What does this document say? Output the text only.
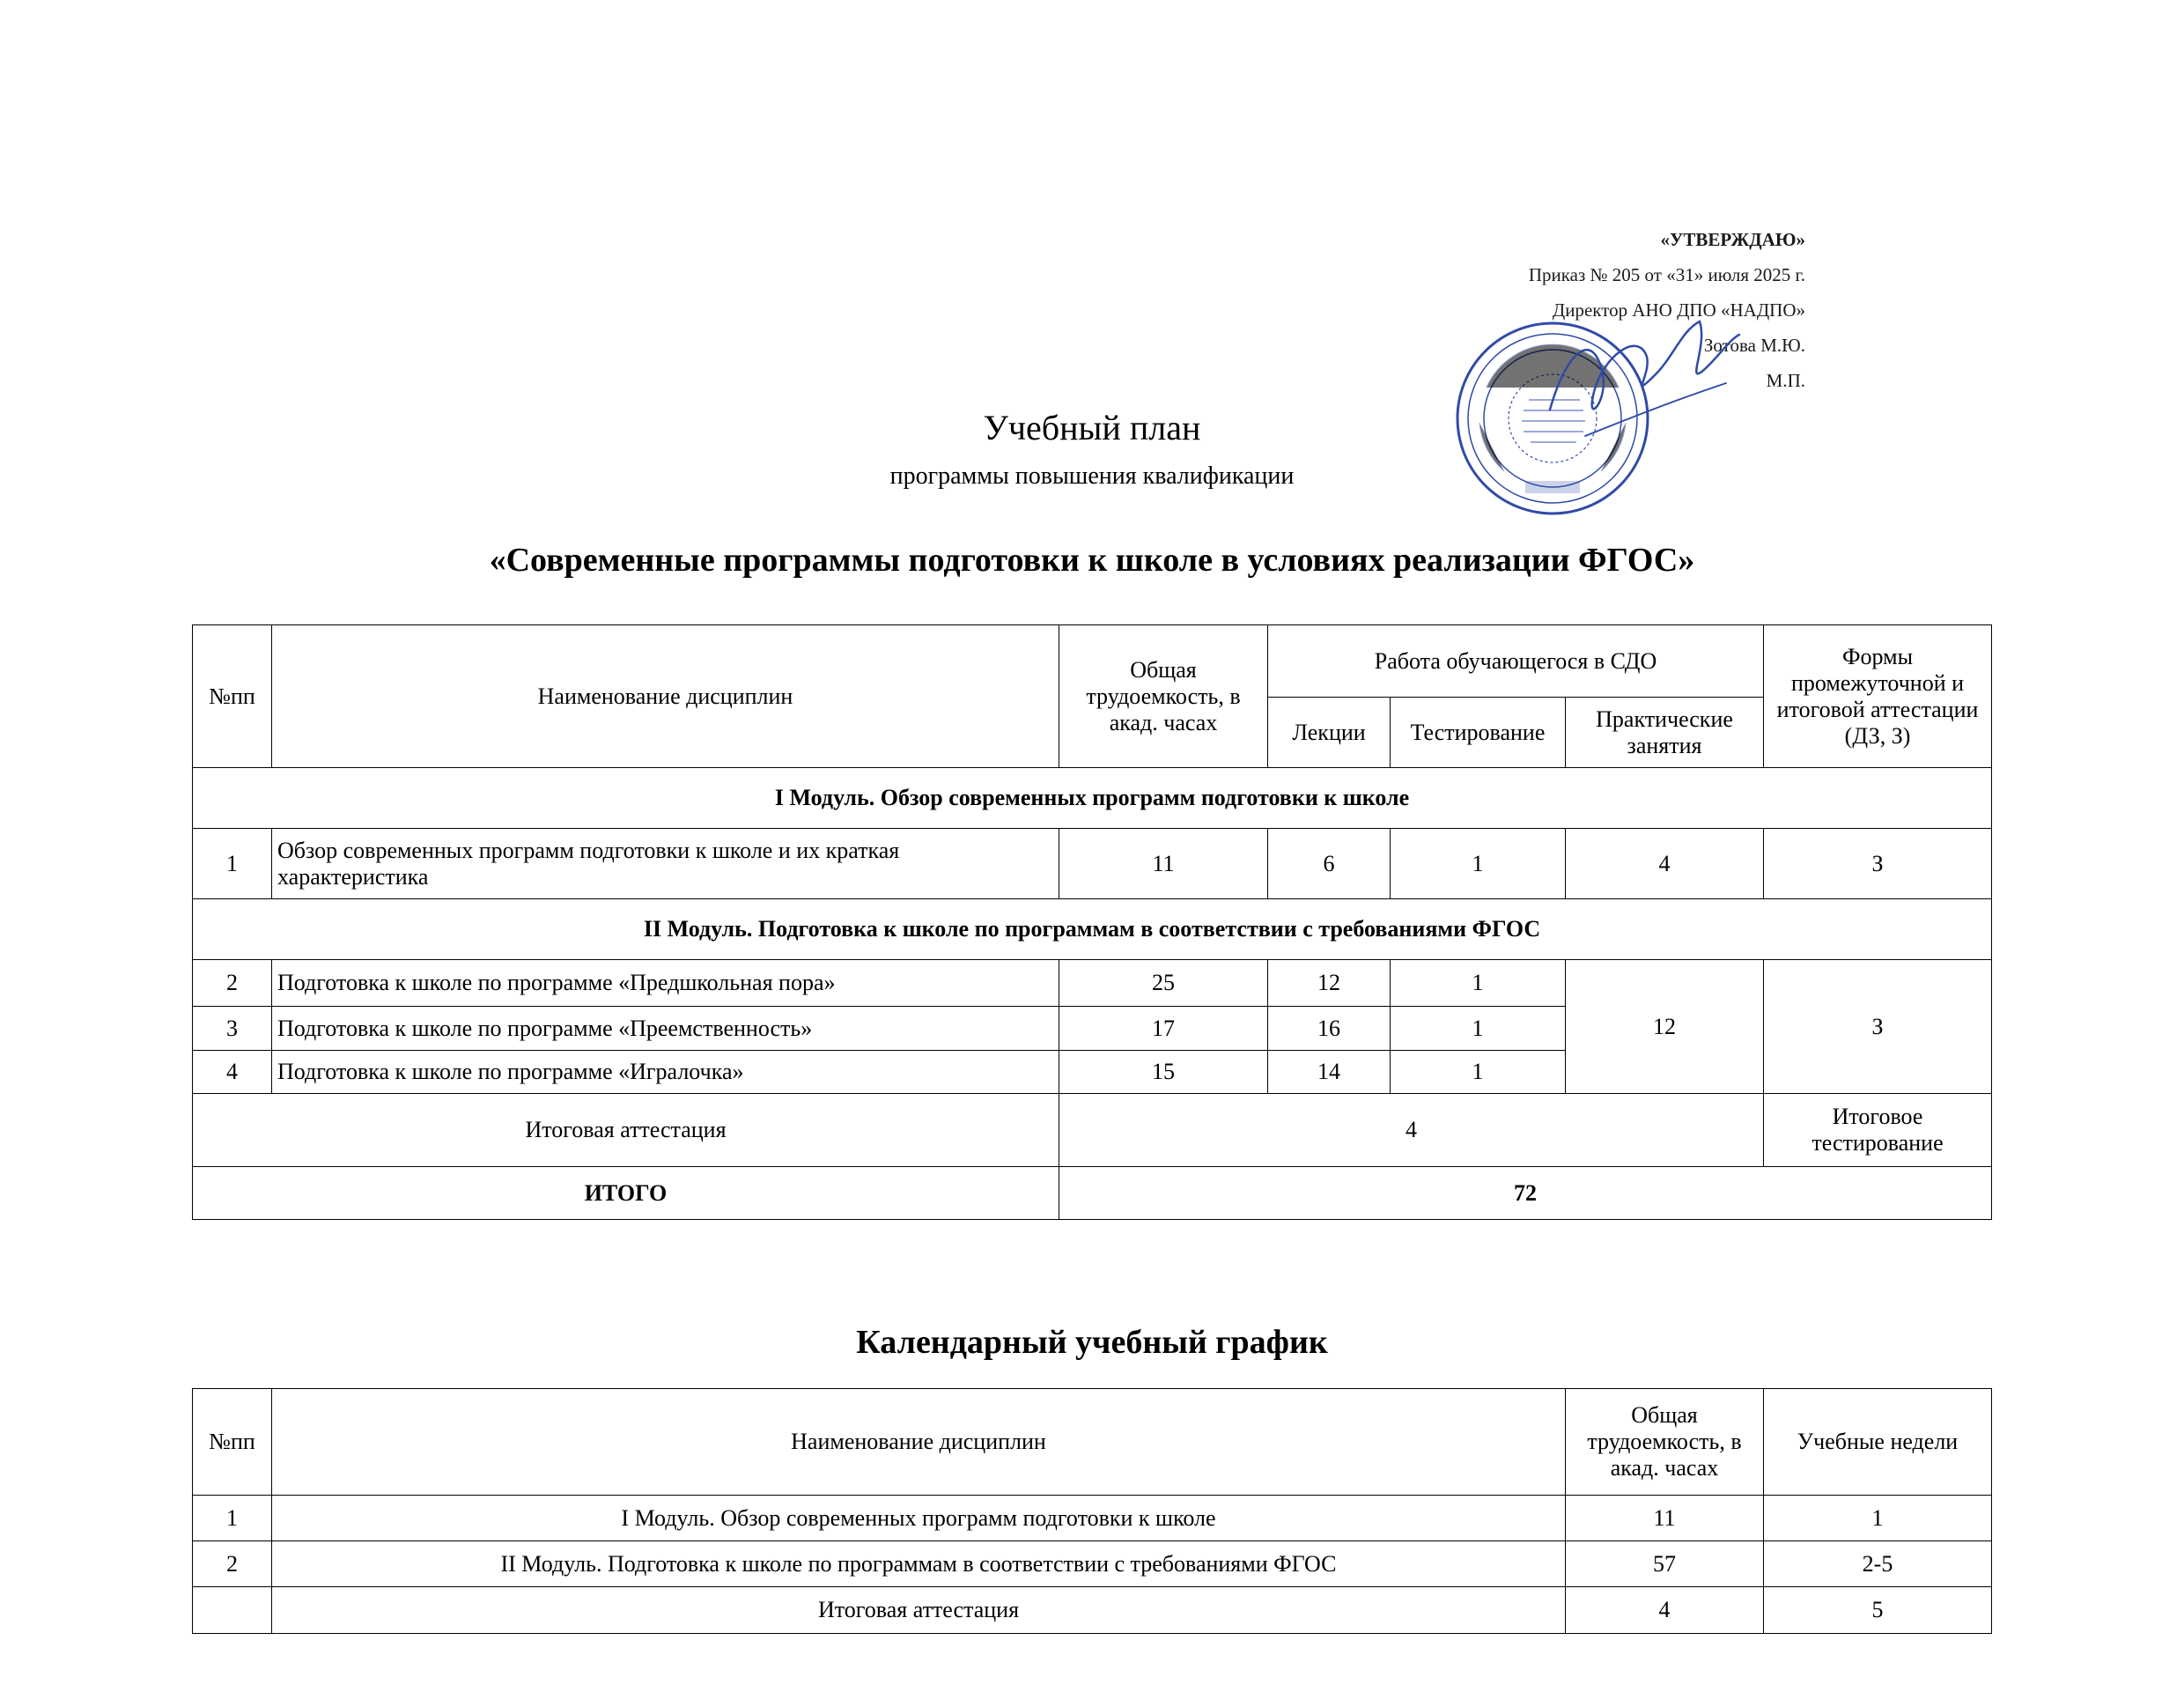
«УТВЕРЖДАЮ»
Приказ № 205 от «31» июля 2025 г.
Директор АНО ДПО «НАДПО»
Зотова М.Ю.
М.П.
Учебный план
программы повышения квалификации
«Современные программы подготовки к школе в условиях реализации ФГОС»
№пп	Наименование дисциплин	Общая трудоемкость, в акад. часах	Работа обучающегося в СДО			Формы промежуточной и итоговой аттестации (ДЗ, З)
			Лекции	Тестирование	Практические занятия	
I Модуль. Обзор современных программ подготовки к школе						
1	Обзор современных программ подготовки к школе и их краткая характеристика	11	6	1	4	З
II Модуль. Подготовка к школе по программам в соответствии с требованиями ФГОС						
2	Подготовка к школе по программе «Предшкольная пора»	25	12	1	12	З
3	Подготовка к школе по программе «Преемственность»	17	16	1		
4	Подготовка к школе по программе «Игралочка»	15	14	1		
Итоговая аттестация		4				Итоговое тестирование
ИТОГО		72				
Календарный учебный график
№пп	Наименование дисциплин	Общая трудоемкость, в акад. часах	Учебные недели
1	I Модуль. Обзор современных программ подготовки к школе	11	1
2	II Модуль. Подготовка к школе по программам в соответствии с требованиями ФГОС	57	2-5
	Итоговая аттестация	4	5
